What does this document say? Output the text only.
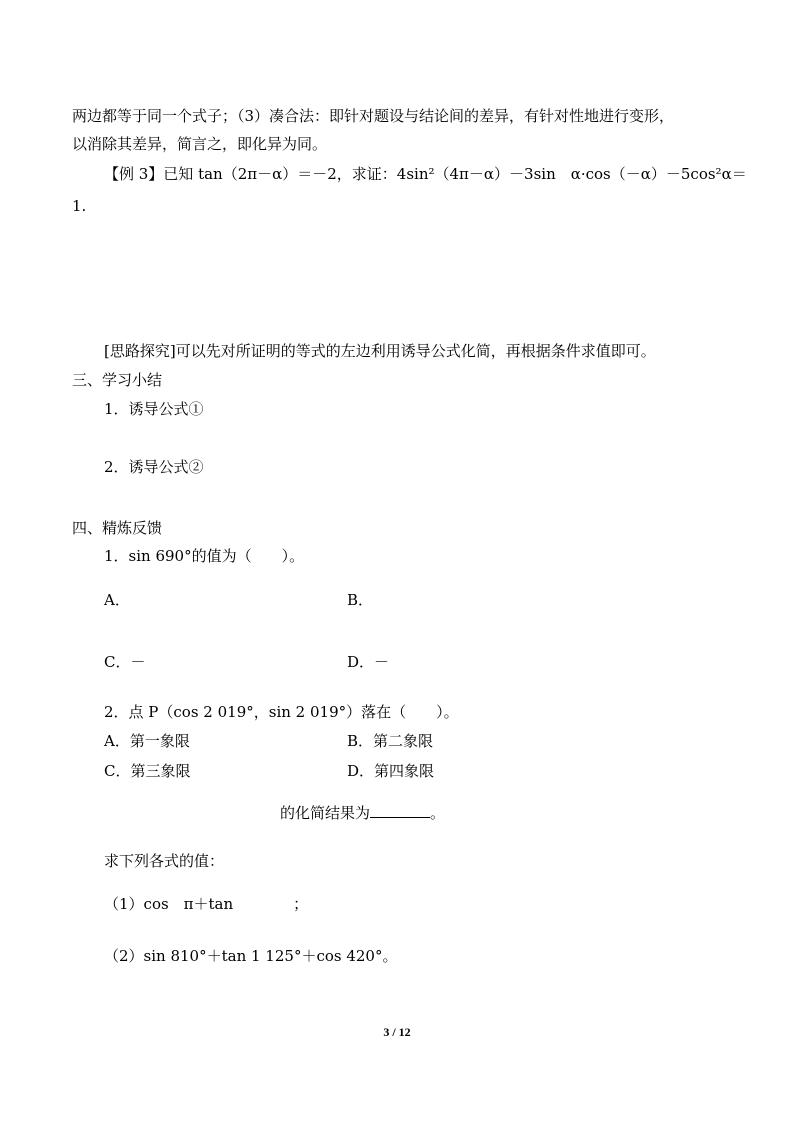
两边都等于同一个式子；（3）凑合法：即针对题设与结论间的差异，有针对性地进行变形，
以消除其差异，简言之，即化异为同。
【例 3】已知 tan（2π－α）＝－2，求证：4sin²（4π－α）－3sin　α·cos（－α）－5cos²α＝
1.
[思路探究]可以先对所证明的等式的左边利用诱导公式化简，再根据条件求值即可。
三、学习小结
1．诱导公式①
2．诱导公式②
四、精炼反馈
1．sin 690°的值为（　　）。
A．	B．
C．－	D．－
2．点 P（cos 2 019°，sin 2 019°）落在（　　）。
A．第一象限	B．第二象限
C．第三象限	D．第四象限
的化简结果为	。
求下列各式的值：
（1）cos　π＋tan　　　　；
（2）sin 810°＋tan 1 125°＋cos 420°。
3 / 12
